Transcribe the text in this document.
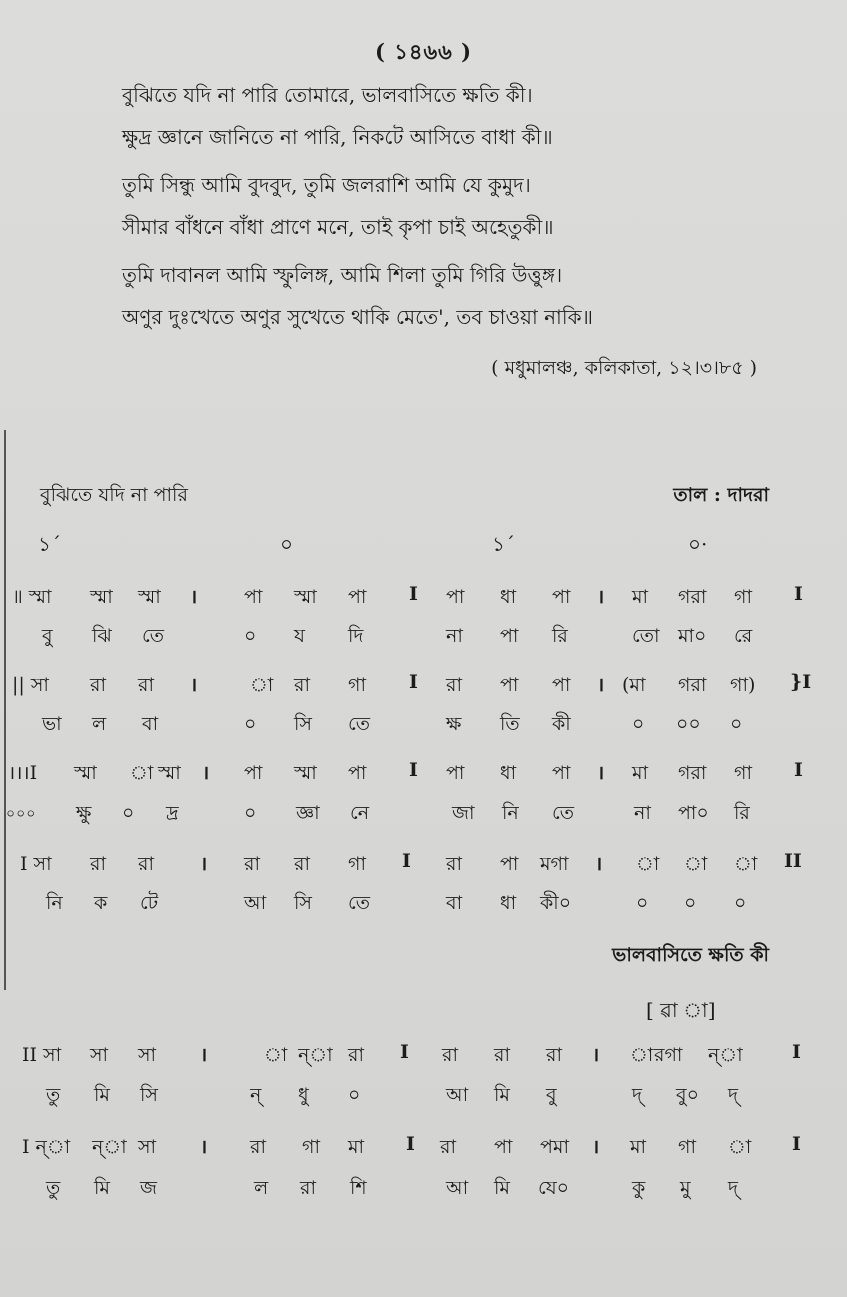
( ১৪৬৬ )
বুঝিতে যদি না পারি তোমারে, ভালবাসিতে ক্ষতি কী।
ক্ষুদ্র জ্ঞানে জানিতে না পারি, নিকটে আসিতে বাধা কী॥
তুমি সিন্ধু আমি বুদবুদ, তুমি জলরাশি আমি যে কুমুদ।
সীমার বাঁধনে বাঁধা প্রাণে মনে, তাই কৃপা চাই অহেতুকী॥
তুমি দাবানল আমি স্ফুলিঙ্গ, আমি শিলা তুমি গিরি উত্তুঙ্গ।
অণুর দুঃখেতে অণুর সুখেতে থাকি মেতে', তব চাওয়া নাকি॥
( মধুমালঞ্চ, কলিকাতা, ১২।৩।৮৫ )
বুঝিতে যদি না পারি	তাল : দাদরা
১´	০	১´	০·
॥ স্মা স্মা স্মা । পা স্মা পা I পা ধা পা । মা গরা গা I
বু ঝি তে	০ য দি	না পা রি	তো মা০ রে
|| সা রা রা ।	া রা গা I রা পা পা । (মা গরা গা) }I
ভা ল বা	০ সি তে	ক্ষ তি কী	০ ০০ ০
।।।I স্মা া স্মা । পা স্মা পা I পা ধা পা । মা গরা গা I
০০০ ক্ষু ০ দ্র	০ জ্ঞা নে	জা নি তে	না পা০ রি
I সা রা রা । রা রা গা I রা পা মগা । া া া II
নি ক টে	আ সি তে	বা ধা কী০	০ ০ ০
ভালবাসিতে ক্ষতি কী
[ ৱা া]
II সা সা সা ।	া ন্‌া রা I রা রা রা । া রগা ন্‌া	I
তু মি সি	ন্‌ ধু ০	আ মি বু	দ্‌ বু০ দ্‌
I ন্‌া ন্‌া সা । রা গা মা I রা পা পমা । মা গা া I
তু মি জ	ল রা শি	আ মি যে০	কু মু দ্‌
